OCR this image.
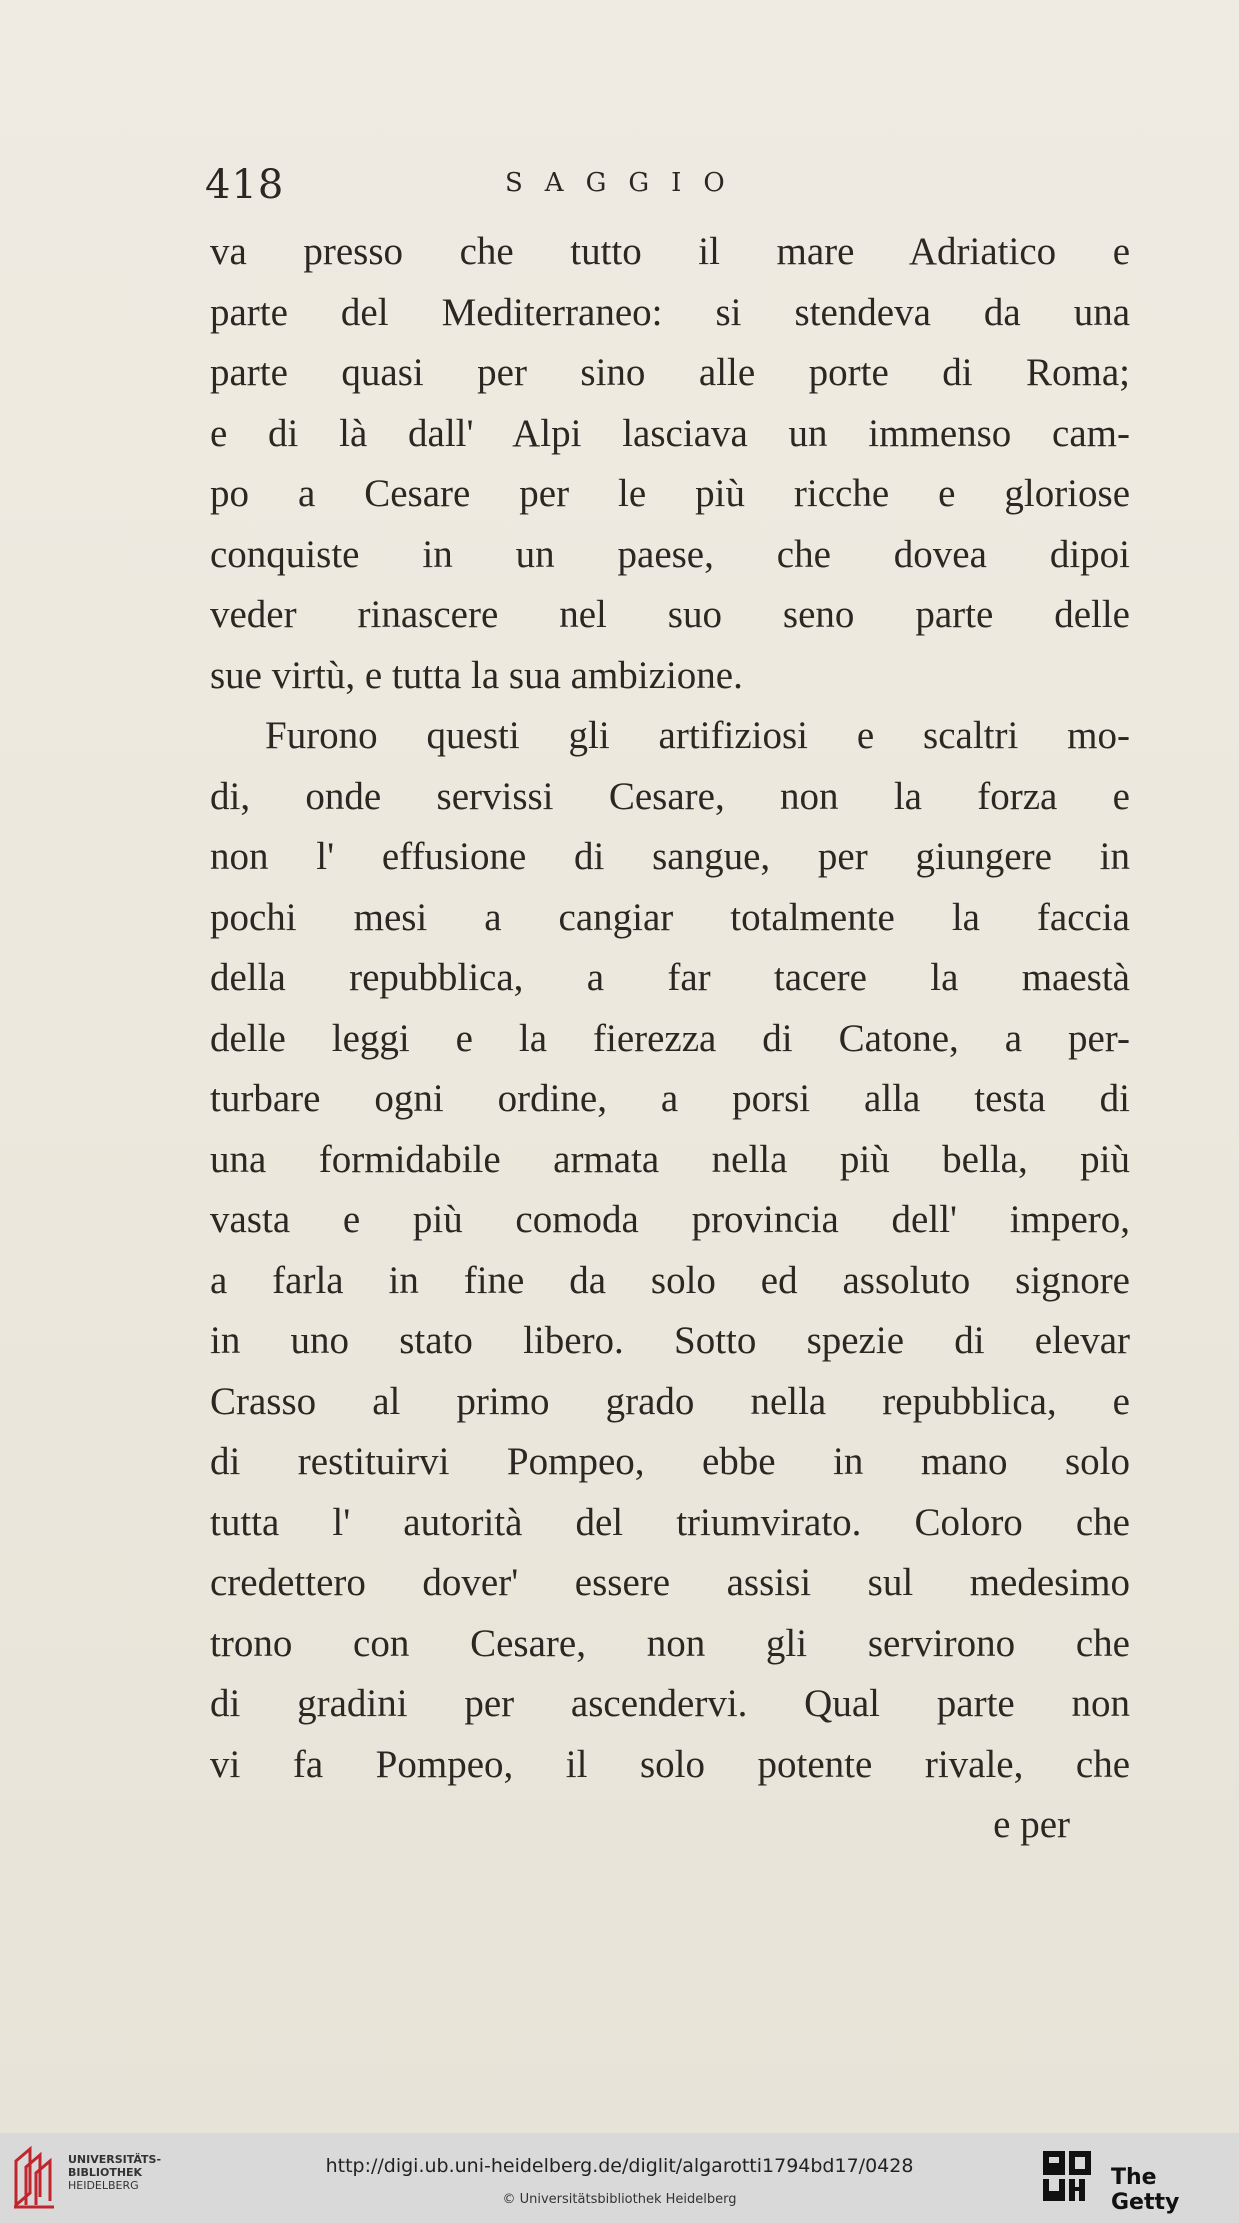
418	SAGGIO
va presso che tutto il mare Adriatico e
parte del Mediterraneo: si stendeva da una
parte quasi per sino alle porte di Roma;
e di là dall' Alpi lasciava un immenso cam-
po a Cesare per le più ricche e gloriose
conquiste in un paese, che dovea dipoi
veder rinascere nel suo seno parte delle
sue virtù, e tutta la sua ambizione.
Furono questi gli artifiziosi e scaltri mo-
di, onde servissi Cesare, non la forza e
non l' effusione di sangue, per giungere in
pochi mesi a cangiar totalmente la faccia
della repubblica, a far tacere la maestà
delle leggi e la fierezza di Catone, a per-
turbare ogni ordine, a porsi alla testa di
una formidabile armata nella più bella, più
vasta e più comoda provincia dell' impero,
a farla in fine da solo ed assoluto signore
in uno stato libero. Sotto spezie di elevar
Crasso al primo grado nella repubblica, e
di restituirvi Pompeo, ebbe in mano solo
tutta l' autorità del triumvirato. Coloro che
credettero dover' essere assisi sul medesimo
trono con Cesare, non gli servirono che
di gradini per ascendervi. Qual parte non
vi fa Pompeo, il solo potente rivale, che
e per
UNIVERSITÄTS-
BIBLIOTHEK
HEIDELBERG
http://digi.ub.uni-heidelberg.de/diglit/algarotti1794bd17/0428
© Universitätsbibliothek Heidelberg
The Getty
